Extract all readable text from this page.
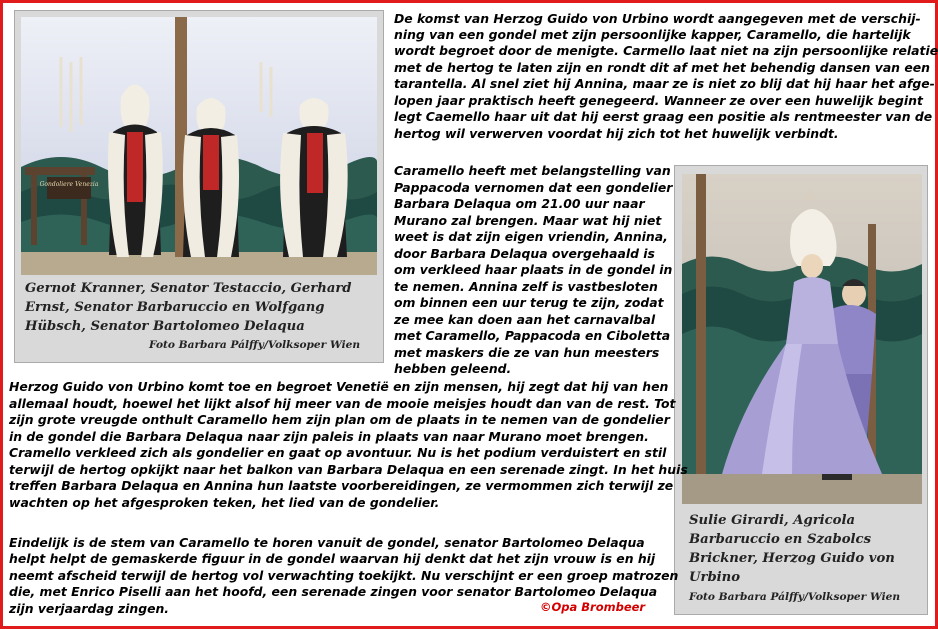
Gondoliere Venezia
Gernot Kranner, Senator Testaccio, Gerhard
Ernst, Senator Barbaruccio en Wolfgang
Hübsch, Senator Bartolomeo Delaqua
Foto Barbara Pálffy/Volksoper Wien
Sulie Girardi, Agricola
Barbaruccio en Szabolcs
Brickner, Herzog Guido von
Urbino
Foto Barbara Pálffy/Volksoper Wien
De komst van Herzog Guido von Urbino wordt aangegeven met de verschij-
ning van een gondel met zijn persoonlijke kapper, Caramello, die hartelijk
wordt begroet door de menigte. Carmello laat niet na zijn persoonlijke relatie
met de hertog te laten zijn en rondt dit af met het behendig dansen van een
tarantella. Al snel ziet hij Annina, maar ze is niet zo blij dat hij haar het afge-
lopen jaar praktisch heeft genegeerd. Wanneer ze over een huwelijk begint
legt Caemello haar uit dat hij eerst graag een positie als rentmeester van de
hertog wil verwerven voordat hij zich tot het huwelijk verbindt.
Caramello heeft met belangstelling van
Pappacoda vernomen dat een gondelier
Barbara Delaqua om 21.00 uur naar
Murano zal brengen. Maar wat hij niet
weet is dat zijn eigen vriendin, Annina,
door Barbara Delaqua overgehaald is
om verkleed haar plaats in de gondel in
te nemen. Annina zelf is vastbesloten
om binnen een uur terug te zijn, zodat
ze mee kan doen aan het carnavalbal
met Caramello, Pappacoda en Ciboletta
met maskers die ze van hun meesters
hebben geleend.
Herzog Guido von Urbino komt toe en begroet Venetië en zijn mensen, hij zegt dat hij van hen
allemaal houdt, hoewel het lijkt alsof hij meer van de mooie meisjes houdt dan van de rest. Tot
zijn grote vreugde onthult Caramello hem zijn plan om de plaats in te nemen van de gondelier
in de gondel die Barbara Delaqua naar zijn paleis in plaats van naar Murano moet brengen.
Cramello verkleed zich als gondelier en gaat op avontuur. Nu is het podium verduistert en stil
terwijl de hertog opkijkt naar het balkon van Barbara Delaqua en een serenade zingt. In het huis
treffen Barbara Delaqua en Annina hun laatste voorbereidingen, ze vermommen zich terwijl ze
wachten op het afgesproken teken, het lied van de gondelier.
Eindelijk is de stem van Caramello te horen vanuit de gondel, senator Bartolomeo Delaqua
helpt helpt de gemaskerde figuur in de gondel waarvan hij denkt dat het zijn vrouw is en hij
neemt afscheid terwijl de hertog vol verwachting toekijkt. Nu verschijnt er een groep matrozen
die, met Enrico Piselli aan het hoofd, een serenade zingen voor senator Bartolomeo Delaqua
zijn verjaardag zingen.	©Opa Brombeer
